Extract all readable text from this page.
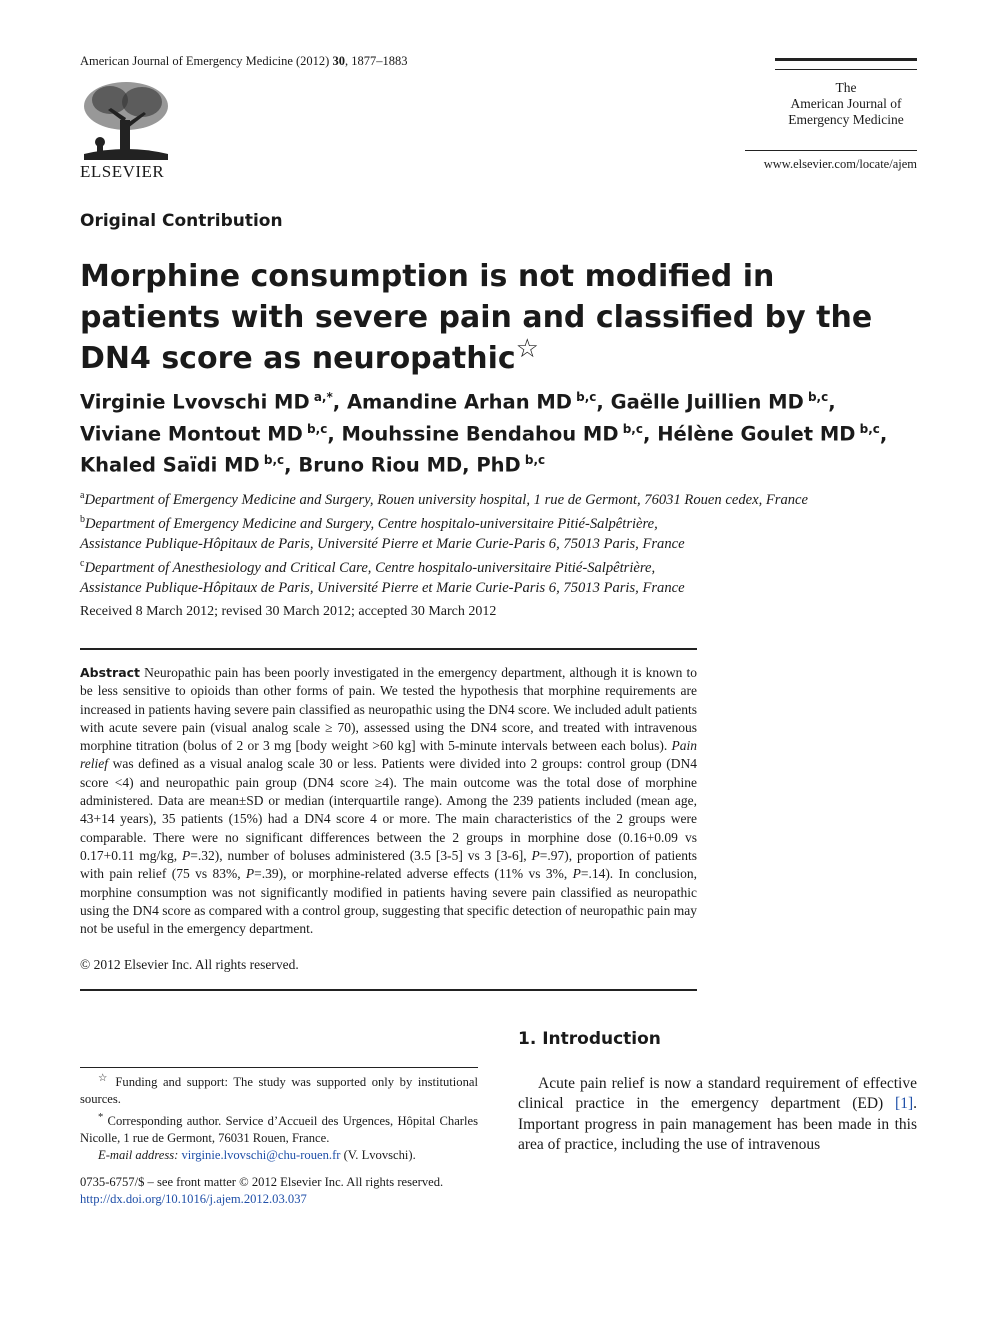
American Journal of Emergency Medicine (2012) 30, 1877–1883
ELSEVIER
The
American Journal of
Emergency Medicine
www.elsevier.com/locate/ajem
Original Contribution
Morphine consumption is not modified in patients with severe pain and classified by the DN4 score as neuropathic☆
Virginie Lvovschi MD $^{a,*}$, Amandine Arhan MD $^{b,c}$, Gaëlle Juillien MD $^{b,c}$,
Viviane Montout MD $^{b,c}$, Mouhssine Bendahou MD $^{b,c}$, Hélène Goulet MD $^{b,c}$,
Khaled Saïdi MD $^{b,c}$, Bruno Riou MD, PhD $^{b,c}$
$^a$Department of Emergency Medicine and Surgery, Rouen university hospital, 1 rue de Germont, 76031 Rouen cedex, France
$^b$Department of Emergency Medicine and Surgery, Centre hospitalo-universitaire Pitié-Salpêtrière,
Assistance Publique-Hôpitaux de Paris, Université Pierre et Marie Curie-Paris 6, 75013 Paris, France
$^c$Department of Anesthesiology and Critical Care, Centre hospitalo-universitaire Pitié-Salpêtrière,
Assistance Publique-Hôpitaux de Paris, Université Pierre et Marie Curie-Paris 6, 75013 Paris, France
Received 8 March 2012; revised 30 March 2012; accepted 30 March 2012
Abstract Neuropathic pain has been poorly investigated in the emergency department, although it is known to be less sensitive to opioids than other forms of pain. We tested the hypothesis that morphine requirements are increased in patients having severe pain classified as neuropathic using the DN4 score. We included adult patients with acute severe pain (visual analog scale ≥ 70), assessed using the DN4 score, and treated with intravenous morphine titration (bolus of 2 or 3 mg [body weight >60 kg] with 5-minute intervals between each bolus). Pain relief was defined as a visual analog scale 30 or less. Patients were divided into 2 groups: control group (DN4 score <4) and neuropathic pain group (DN4 score ≥4). The main outcome was the total dose of morphine administered. Data are mean±SD or median (interquartile range). Among the 239 patients included (mean age, 43+14 years), 35 patients (15%) had a DN4 score 4 or more. The main characteristics of the 2 groups were comparable. There were no significant differences between the 2 groups in morphine dose (0.16+0.09 vs 0.17+0.11 mg/kg, P=.32), number of boluses administered (3.5 [3-5] vs 3 [3-6], P=.97), proportion of patients with pain relief (75 vs 83%, P=.39), or morphine-related adverse effects (11% vs 3%, P=.14). In conclusion, morphine consumption was not significantly modified in patients having severe pain classified as neuropathic using the DN4 score as compared with a control group, suggesting that specific detection of neuropathic pain may not be useful in the emergency department.
© 2012 Elsevier Inc. All rights reserved.
1. Introduction
Acute pain relief is now a standard requirement of effective clinical practice in the emergency department (ED) [1]. Important progress in pain management has been made in this area of practice, including the use of intravenous

☆ Funding and support: The study was supported only by institutional sources.

* Corresponding author. Service d’Accueil des Urgences, Hôpital Charles Nicolle, 1 rue de Germont, 76031 Rouen, France.

E-mail address: virginie.lvovschi@chu-rouen.fr (V. Lvovschi).

0735-6757/$ – see front matter © 2012 Elsevier Inc. All rights reserved.
http://dx.doi.org/10.1016/j.ajem.2012.03.037
